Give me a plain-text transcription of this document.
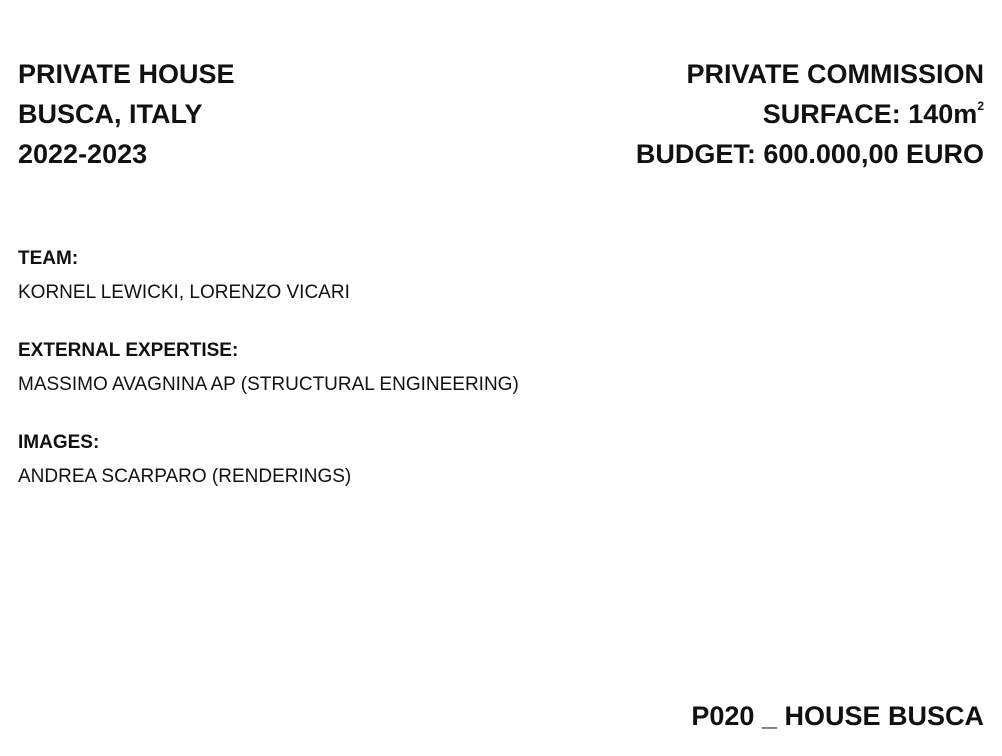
PRIVATE HOUSE
BUSCA, ITALY
2022-2023
PRIVATE COMMISSION
SURFACE: $140m^2$
BUDGET: 600.000,00 EURO
TEAM:
KORNEL LEWICKI, LORENZO VICARI
EXTERNAL EXPERTISE:
MASSIMO AVAGNINA AP (STRUCTURAL ENGINEERING)
IMAGES:
ANDREA SCARPARO (RENDERINGS)
P020 _ HOUSE BUSCA
